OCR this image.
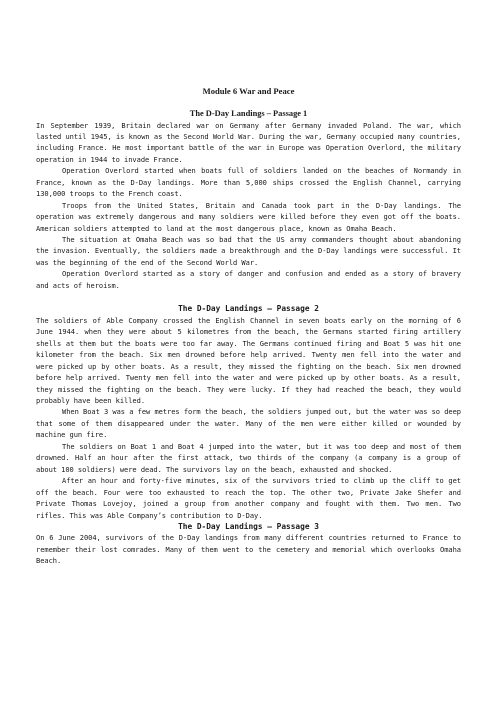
Module 6 War and Peace
The D-Day Landings – Passage 1

In September 1939, Britain declared war on Germany after Germany invaded Poland. The war, which lasted until 1945, is known as the Second World War. During the war, Germany occupied many countries, including France. He most important battle of the war in Europe was Operation Overlord, the military operation in 1944 to invade France.

Operation Overlord started when boats full of soldiers landed on the beaches of Normandy in France, known as the D-Day landings. More than 5,000 ships crossed the English Channel, carrying 130,000 troops to the French coast.

Troops from the United States, Britain and Canada took part in the D-Day landings. The operation was extremely dangerous and many soldiers were killed before they even got off the boats. American soldiers attempted to land at the most dangerous place, known as Omaha Beach.

The situation at Omaha Beach was so bad that the US army commanders thought about abandoning the invasion. Eventually, the soldiers made a breakthrough and the D-Day landings were successful. It was the beginning of the end of the Second World War.

Operation Overlord started as a story of danger and confusion and ended as a story of bravery and acts of heroism.

The D-Day Landings – Passage 2

The soldiers of Able Company crossed the English Channel in seven boats early on the morning of 6 June 1944. when they were about 5 kilometres from the beach, the Germans started firing artillery shells at them but the boats were too far away. The Germans continued firing and Boat 5 was hit one kilometer from the beach. Six men drowned before help arrived. Twenty men fell into the water and were picked up by other boats. As a result, they missed the fighting on the beach. Six men drowned before help arrived. Twenty men fell into the water and were picked up by other boats. As a result, they missed the fighting on the beach. They were lucky. If they had reached the beach, they would probably have been killed.

When Boat 3 was a few metres form the beach, the soldiers jumped out, but the water was so deep that some of them disappeared under the water. Many of the men were either killed or wounded by machine gun fire.

The soldiers on Boat 1 and Boat 4 jumped into the water, but it was too deep and most of them drowned. Half an hour after the first attack, two thirds of the company (a company is a group of about 100 soldiers) were dead. The survivors lay on the beach, exhausted and shocked.

After an hour and forty-five minutes, six of the survivors tried to climb up the cliff to get off the beach. Four were too exhausted to reach the top. The other two, Private Jake Shefer and Private Thomas Lovejoy, joined a group from another company and fought with them. Two men. Two rifles. This was Able Company’s contribution to D-Day.

The D-Day Landings – Passage 3

On 6 June 2004, survivors of the D-Day landings from many different countries returned to France to remember their lost comrades. Many of them went to the cemetery and memorial which overlooks Omaha Beach.
